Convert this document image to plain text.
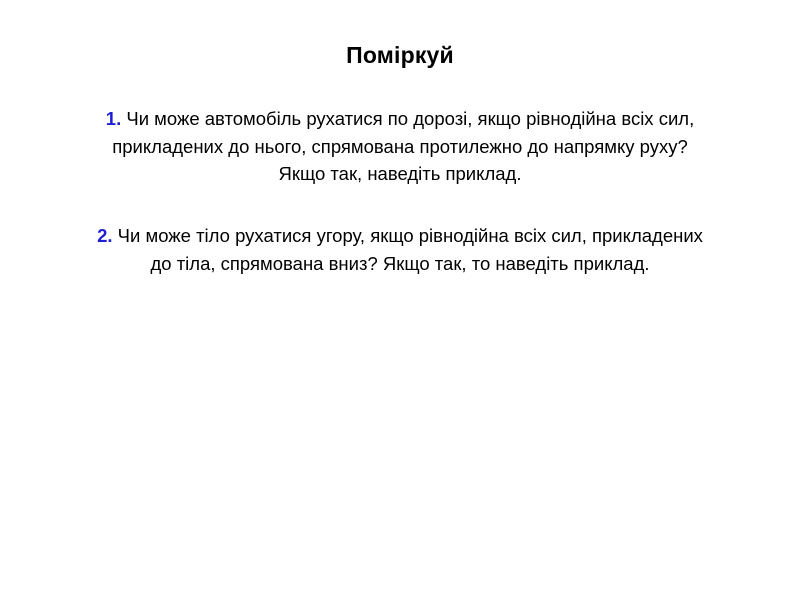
Поміркуй
1. Чи може автомобіль рухатися по дорозі, якщо рівнодійна всіх сил,
прикладених до нього, спрямована протилежно до напрямку руху?
Якщо так, наведіть приклад.
2. Чи може тіло рухатися угору, якщо рівнодійна всіх сил, прикладених
до тіла, спрямована вниз? Якщо так, то наведіть приклад.
